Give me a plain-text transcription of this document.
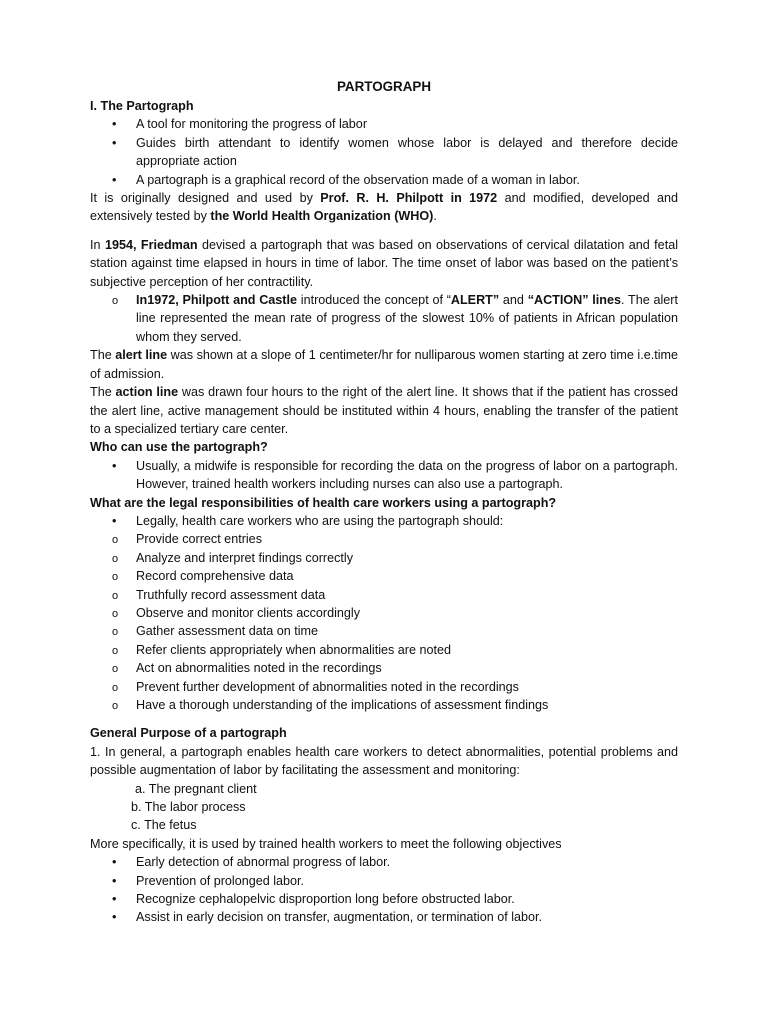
PARTOGRAPH
I. The Partograph
•	A tool for monitoring the progress of labor
•	Guides birth attendant to identify women whose labor is delayed and therefore decide appropriate action
•	A partograph is a graphical record of the observation made of a woman in labor.

It is originally designed and used by Prof. R. H. Philpott in 1972 and modified, developed and extensively tested by the World Health Organization (WHO).

In 1954, Friedman devised a partograph that was based on observations of cervical dilatation and fetal station against time elapsed in hours in time of labor. The time onset of labor was based on the patient’s subjective perception of her contractility.

o	In1972, Philpott and Castle introduced the concept of “ALERT” and “ACTION” lines. The alert line represented the mean rate of progress of the slowest 10% of patients in African population whom they served.

The alert line was shown at a slope of 1 centimeter/hr for nulliparous women starting at zero time i.e.time of admission.

The action line was drawn four hours to the right of the alert line. It shows that if the patient has crossed the alert line, active management should be instituted within 4 hours, enabling the transfer of the patient to a specialized tertiary care center.

Who can use the partograph?
•	Usually, a midwife is responsible for recording the data on the progress of labor on a partograph. However, trained health workers including nurses can also use a partograph.
What are the legal responsibilities of health care workers using a partograph?
•	Legally, health care workers who are using the partograph should:
o	Provide correct entries
o	Analyze and interpret findings correctly
o	Record comprehensive data
o	Truthfully record assessment data
o	Observe and monitor clients accordingly
o	Gather assessment data on time
o	Refer clients appropriately when abnormalities are noted
o	Act on abnormalities noted in the recordings
o	Prevent further development of abnormalities noted in the recordings
o	Have a thorough understanding of the implications of assessment findings
General Purpose of a partograph

1. In general, a partograph enables health care workers to detect abnormalities, potential problems and possible augmentation of labor by facilitating the assessment and monitoring:

a. The pregnant client
b. The labor process
c. The fetus

More specifically, it is used by trained health workers to meet the following objectives

•	Early detection of abnormal progress of labor.
•	Prevention of prolonged labor.
•	Recognize cephalopelvic disproportion long before obstructed labor.
•	Assist in early decision on transfer, augmentation, or termination of labor.
